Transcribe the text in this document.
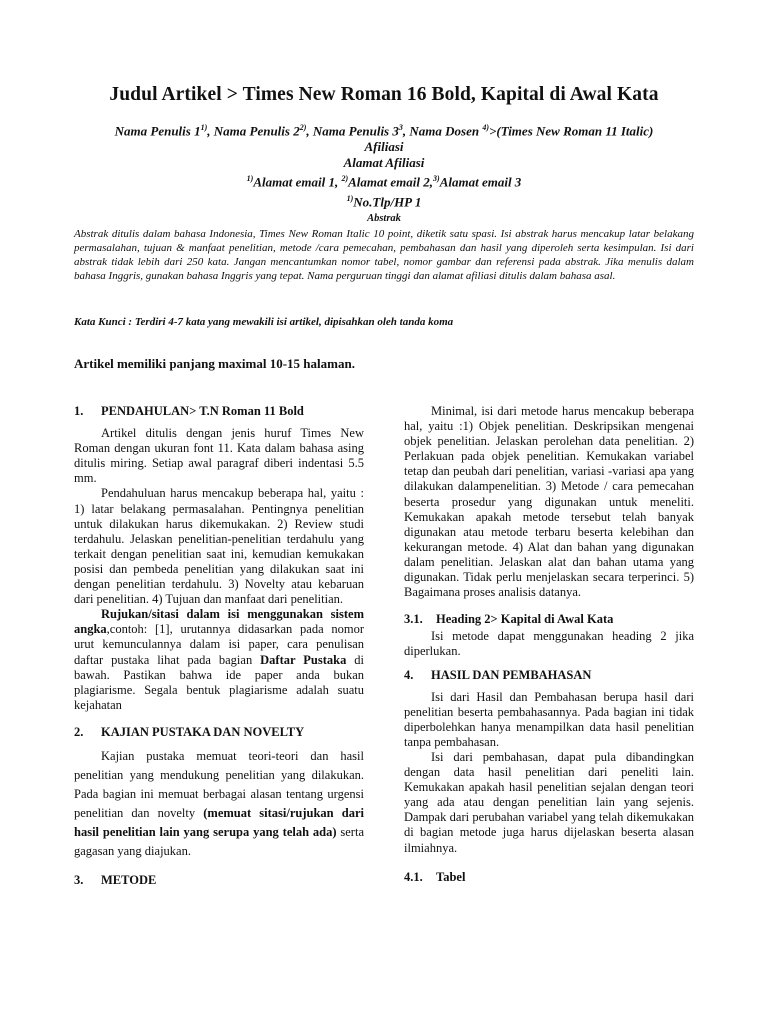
Judul Artikel > Times New Roman 16 Bold, Kapital di Awal Kata
Nama Penulis 1$^{1)}$, Nama Penulis 2$^{2)}$, Nama Penulis $3^3$, Nama Dosen $^{4)}$>(Times New Roman 11 Italic)
Afiliasi
Alamat Afiliasi
$^{1)}$Alamat email 1, $^{2)}$Alamat email 2,$^{3)}$Alamat email 3
$^{1)}$No.Tlp/HP 1
Abstrak
Abstrak ditulis dalam bahasa Indonesia, Times New Roman Italic 10 point, diketik satu spasi. Isi abstrak harus mencakup latar belakang permasalahan, tujuan & manfaat penelitian, metode /cara pemecahan, pembahasan dan hasil yang diperoleh serta kesimpulan. Isi dari abstrak tidak lebih dari 250 kata. Jangan mencantumkan nomor tabel, nomor gambar dan referensi pada abstrak. Jika menulis dalam bahasa Inggris, gunakan bahasa Inggris yang tepat. Nama perguruan tinggi dan alamat afiliasi ditulis dalam bahasa asal.
Kata Kunci : Terdiri 4-7 kata yang mewakili isi artikel, dipisahkan oleh tanda koma
Artikel memiliki panjang maximal 10-15 halaman.
1.	PENDAHULAN> T.N Roman 11 Bold

Artikel ditulis dengan jenis huruf Times New Roman dengan ukuran font 11. Kata dalam bahasa asing ditulis miring. Setiap awal paragraf diberi indentasi 5.5 mm.

Pendahuluan harus mencakup beberapa hal, yaitu : 1) latar belakang permasalahan. Pentingnya penelitian untuk dilakukan harus dikemukakan. 2) Review studi terdahulu. Jelaskan penelitian-penelitian terdahulu yang terkait dengan penelitian saat ini, kemudian kemukakan posisi dan pembeda penelitian yang dilakukan saat ini dengan penelitian terdahulu. 3) Novelty atau kebaruan dari penelitian. 4) Tujuan dan manfaat dari penelitian.

Rujukan/sitasi dalam isi menggunakan sistem angka,contoh: [1], urutannya didasarkan pada nomor urut kemunculannya dalam isi paper, cara penulisan daftar pustaka lihat pada bagian Daftar Pustaka di bawah. Pastikan bahwa ide paper anda bukan plagiarisme. Segala bentuk plagiarisme adalah suatu kejahatan

2.	KAJIAN PUSTAKA DAN NOVELTY

Kajian pustaka memuat teori-teori dan hasil penelitian yang mendukung penelitian yang dilakukan. Pada bagian ini memuat berbagai alasan tentang urgensi penelitian dan novelty (memuat sitasi/rujukan dari hasil penelitian lain yang serupa yang telah ada) serta gagasan yang diajukan.

3.	METODE

Minimal, isi dari metode harus mencakup beberapa hal, yaitu :1) Objek penelitian. Deskripsikan mengenai objek penelitian. Jelaskan perolehan data penelitian. 2) Perlakuan pada objek penelitian. Kemukakan variabel tetap dan peubah dari penelitian, variasi -variasi apa yang dilakukan dalampenelitian. 3) Metode / cara pemecahan beserta prosedur yang digunakan untuk meneliti. Kemukakan apakah metode tersebut telah banyak digunakan atau metode terbaru beserta kelebihan dan kekurangan metode. 4) Alat dan bahan yang digunakan dalam penelitian. Jelaskan alat dan bahan utama yang digunakan. Tidak perlu menjelaskan secara terperinci. 5) Bagaimana proses analisis datanya.

3.1.	Heading 2> Kapital di Awal Kata

Isi metode dapat menggunakan heading 2 jika diperlukan.

4.	HASIL DAN PEMBAHASAN

Isi dari Hasil dan Pembahasan berupa hasil dari penelitian beserta pembahasannya. Pada bagian ini tidak diperbolehkan hanya menampilkan data hasil penelitian tanpa pembahasan.

Isi dari pembahasan, dapat pula dibandingkan dengan data hasil penelitian dari peneliti lain. Kemukakan apakah hasil penelitian sejalan dengan teori yang ada atau dengan penelitian lain yang sejenis. Dampak dari perubahan variabel yang telah dikemukakan di bagian metode juga harus dijelaskan beserta alasan ilmiahnya.

4.1.	Tabel
